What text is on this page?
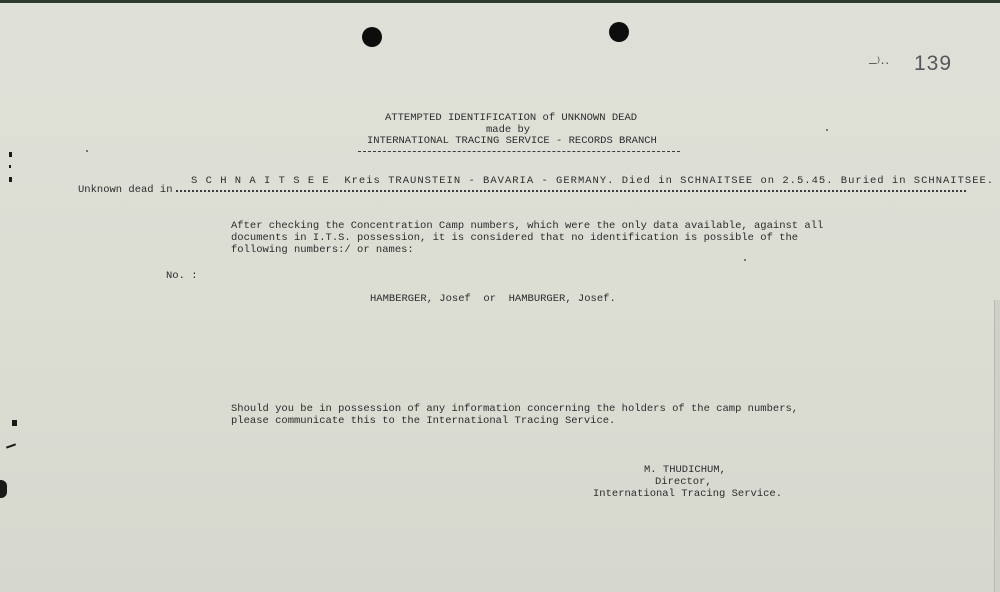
–⁾·· 139
ATTEMPTED IDENTIFICATION of UNKNOWN DEAD
made by
INTERNATIONAL TRACING SERVICE - RECORDS BRANCH
Unknown dead in
S C H N A I T S E E  Kreis TRAUNSTEIN - BAVARIA - GERMANY. Died in SCHNAITSEE on 2.5.45. Buried in SCHNAITSEE.
After checking the Concentration Camp numbers, which were the only data available, against all
documents in I.T.S. possession, it is considered that no identification is possible of the
following numbers:/ or names:
No. :
HAMBERGER, Josef  or  HAMBURGER, Josef.
Should you be in possession of any information concerning the holders of the camp numbers,
please communicate this to the International Tracing Service.
M. THUDICHUM,
Director,
International Tracing Service.
